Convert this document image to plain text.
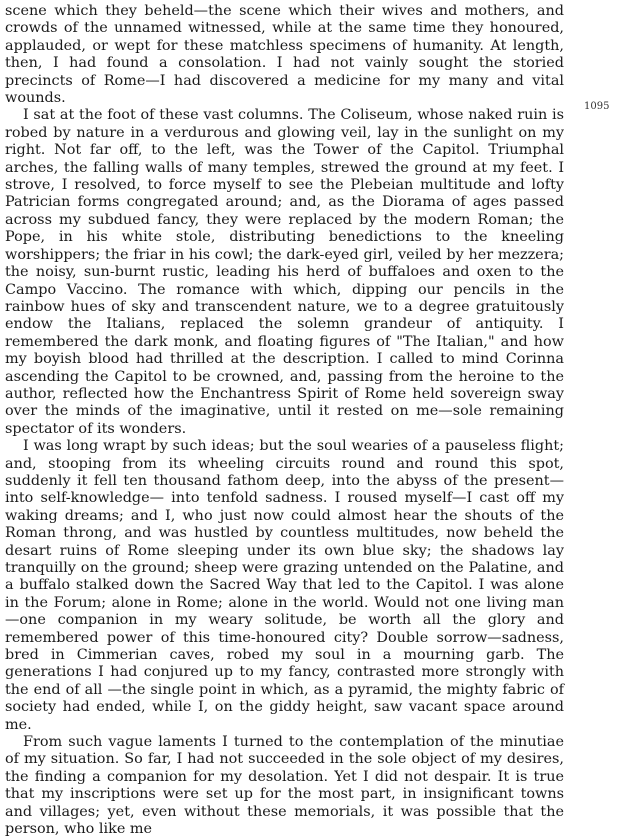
scene which they beheld—the scene which their wives and mothers, and crowds of the unnamed witnessed, while at the same time they honoured, applauded, or wept for these matchless specimens of humanity. At length, then, I had found a consolation. I had not vainly sought the storied precincts of Rome—I had discovered a medicine for my many and vital wounds.

I sat at the foot of these vast columns. The Coliseum, whose naked ruin is robed by nature in a verdurous and glowing veil, lay in the sunlight on my right. Not far off, to the left, was the Tower of the Capitol. Triumphal arches, the falling walls of many temples, strewed the ground at my feet. I strove, I resolved, to force myself to see the Plebeian multitude and lofty Patrician forms congregated around; and, as the Diorama of ages passed across my subdued fancy, they were replaced by the modern Roman; the Pope, in his white stole, distributing benedictions to the kneeling worshippers; the friar in his cowl; the dark-eyed girl, veiled by her mezzera; the noisy, sun-burnt rustic, leading his herd of buffaloes and oxen to the Campo Vaccino. The romance with which, dipping our pencils in the rainbow hues of sky and transcendent nature, we to a degree gratuitously endow the Italians, replaced the solemn grandeur of antiquity. I remembered the dark monk, and floating figures of "The Italian," and how my boyish blood had thrilled at the description. I called to mind Corinna ascending the Capitol to be crowned, and, passing from the heroine to the author, reflected how the Enchantress Spirit of Rome held sovereign sway over the minds of the imaginative, until it rested on me—sole remaining spectator of its wonders.

I was long wrapt by such ideas; but the soul wearies of a pauseless flight; and, stooping from its wheeling circuits round and round this spot, suddenly it fell ten thousand fathom deep, into the abyss of the present— into self-knowledge— into tenfold sadness. I roused myself—I cast off my waking dreams; and I, who just now could almost hear the shouts of the Roman throng, and was hustled by countless multitudes, now beheld the desart ruins of Rome sleeping under its own blue sky; the shadows lay tranquilly on the ground; sheep were grazing untended on the Palatine, and a buffalo stalked down the Sacred Way that led to the Capitol. I was alone in the Forum; alone in Rome; alone in the world. Would not one living man —one companion in my weary solitude, be worth all the glory and remembered power of this time-honoured city? Double sorrow—sadness, bred in Cimmerian caves, robed my soul in a mourning garb. The generations I had conjured up to my fancy, contrasted more strongly with the end of all —the single point in which, as a pyramid, the mighty fabric of society had ended, while I, on the giddy height, saw vacant space around me.

From such vague laments I turned to the contemplation of the minutiae of my situation. So far, I had not succeeded in the sole object of my desires, the finding a companion for my desolation. Yet I did not despair. It is true that my inscriptions were set up for the most part, in insignificant towns and villages; yet, even without these memorials, it was possible that the person, who like me

1095
